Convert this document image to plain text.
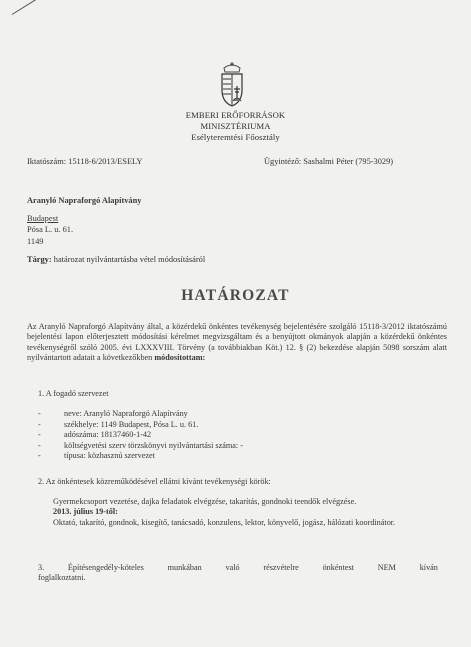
EMBERI ERŐFORRÁSOK
MINISZTÉRIUMA
Esélyteremtési Főosztály
Iktatószám: 15118-6/2013/ESELY	Ügyintéző: Sashalmi Péter (795-3029)
Aranyló Napraforgó Alapítvány
Budapest
Pósa L. u. 61.
1149
Tárgy: határozat nyilvántartásba vétel módosításáról
HATÁROZAT
Az Aranyló Napraforgó Alapítvány által, a közérdekű önkéntes tevékenység bejelentésére szolgáló 15118-3/2012 iktatószámú bejelentési lapon előterjesztett módosítási kérelmet megvizsgáltam és a benyújtott okmányok alapján a közérdekű önkéntes tevékenységről szóló 2005. évi LXXXVIII. Törvény (a továbbiakban Köt.) 12. § (2) bekezdése alapján 5098 sorszám alatt nyilvántartott adatait a következőkben módosítottam:
1. A fogadó szervezet
-	neve: Aranyló Napraforgó Alapítvány
-	székhelye: 1149 Budapest, Pósa L. u. 61.
-	adószáma: 18137460-1-42
-	költségvetési szerv törzskönyvi nyilvántartási száma: -
-	típusa: közhasznú szervezet
2. Az önkéntesek közreműködésével ellátni kívánt tevékenységi körök:
Gyermekcsoport vezetése, dajka feladatok elvégzése, takarítás, gondnoki teendők elvégzése.
2013. július 19-től:
Oktató, takarító, gondnok, kisegítő, tanácsadó, konzulens, lektor, könyvelő, jogász, hálózati koordinátor.
3.	Építésengedély-köteles	munkában	való	részvételre	önkéntest	NEM	kíván
foglalkoztatni.
